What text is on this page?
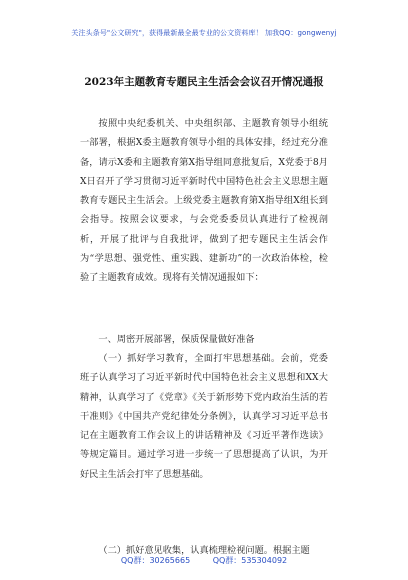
关注头条号"公文研究"，获得最新最全最专业的公文资料库！ 加我QQ：gongwenyj
2023年主题教育专题民主生活会会议召开情况通报

按照中央纪委机关、中央组织部、主题教育领导小组统一部署，根据X委主题教育领导小组的具体安排，经过充分准备，请示X委和主题教育第X指导组同意批复后，X党委于8月X日召开了学习贯彻习近平新时代中国特色社会主义思想主题教育专题民主生活会。上级党委主题教育第X指导组X组长到会指导。按照会议要求，与会党委委员认真进行了检视剖析，开展了批评与自我批评，做到了把专题民主生活会作为“学思想、强党性、重实践、建新功”的一次政治体检，检验了主题教育成效。现将有关情况通报如下：

一、周密开展部署，保质保量做好准备

（一）抓好学习教育，全面打牢思想基础。会前，党委班子认真学习了习近平新时代中国特色社会主义思想和XX大精神，认真学习了《党章》《关于新形势下党内政治生活的若干准则》《中国共产党纪律处分条例》，认真学习习近平总书记在主题教育工作会议上的讲话精神及《习近平著作选读》等规定篇目。通过学习进一步统一了思想提高了认识，为开好民主生活会打牢了思想基础。

（二）抓好意见收集，认真梳理检视问题。根据主题

QQ群：30265665	QQ群：535304092
